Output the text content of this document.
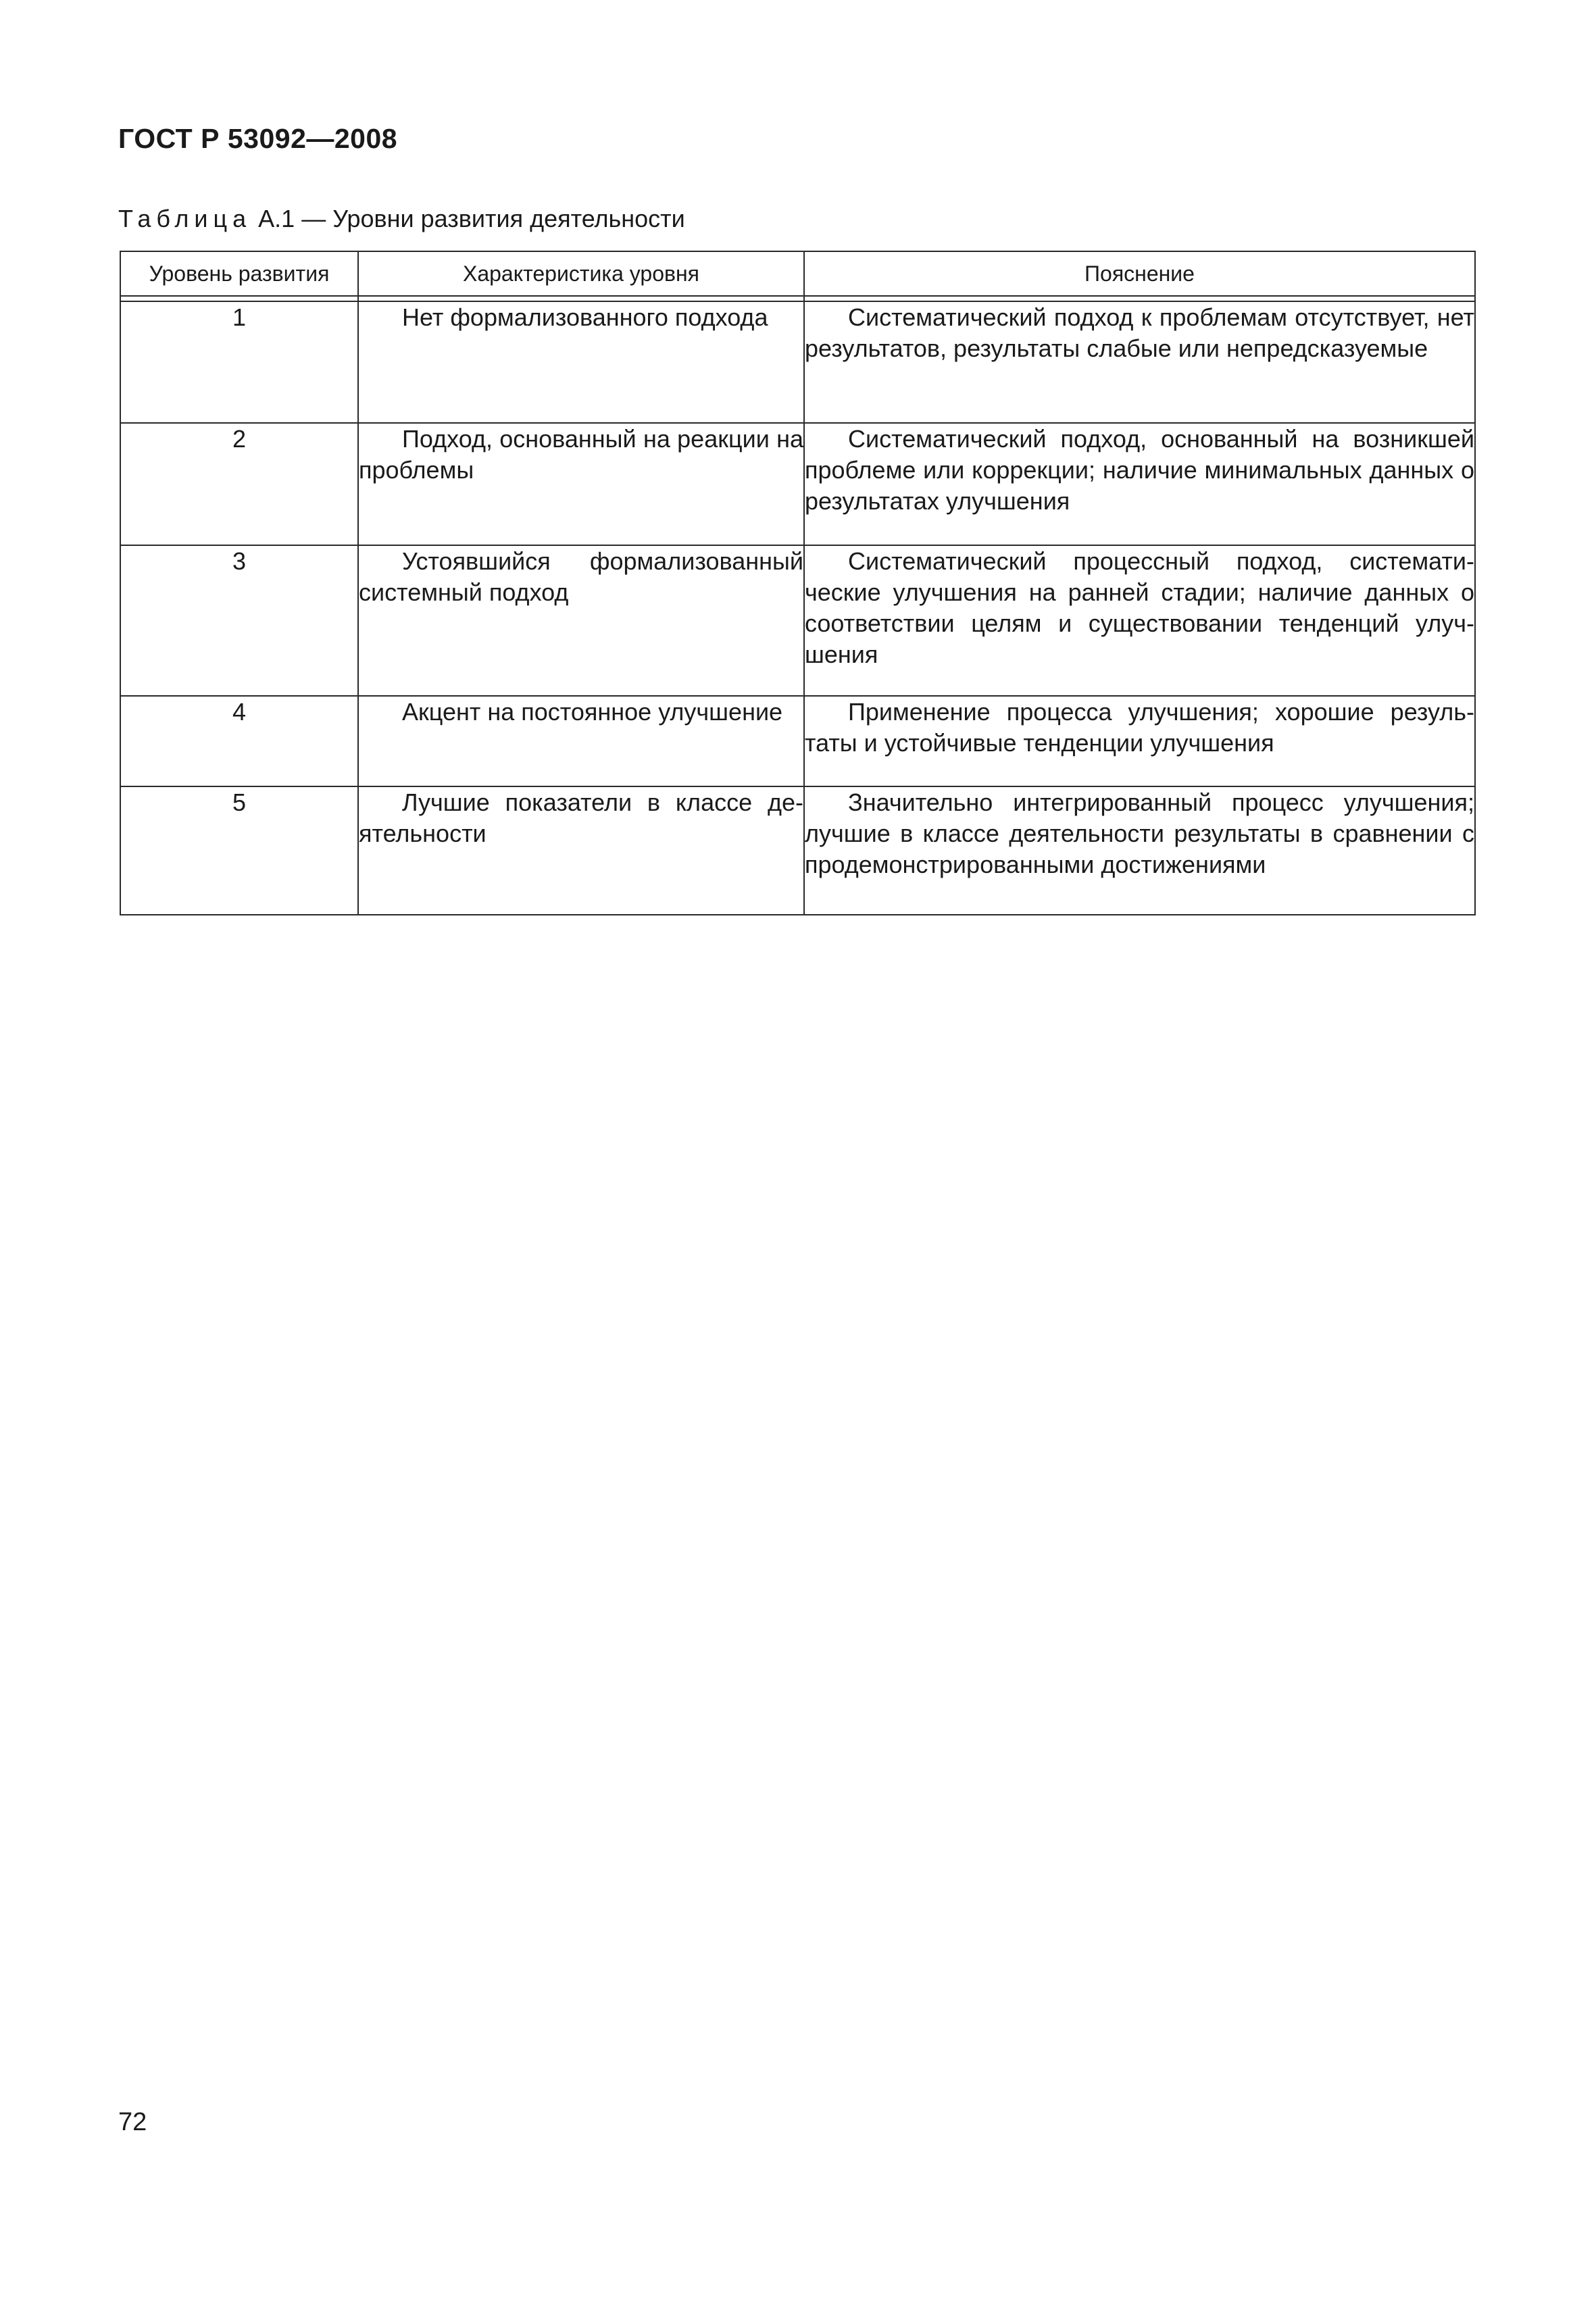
ГОСТ Р 53092—2008
Таблица А.1 — Уровни развития деятельности
Уровень развития	Характеристика уровня	Пояснение

1	Нет формализованного подхода	Систематический подход к проблемам отсутствует, нет результатов, результаты слабые или непредсказуемые

2	Подход, основанный на реакции на проблемы	Систематический подход, основанный на возникшей проблеме или коррекции; наличие минимальных данных о результатах улучшения

3	Устоявшийся формализованный системный подход	Систематический процессный подход, систематические улучшения на ранней стадии; наличие данных о соответствии целям и существовании тенденций улучшения

4	Акцент на постоянное улучшение	Применение процесса улучшения; хорошие результаты и устойчивые тенденции улучшения

5	Лучшие показатели в классе деятельности	Значительно интегрированный процесс улучшения; лучшие в классе деятельности результаты в сравнении с продемонстрированными достижениями
72
